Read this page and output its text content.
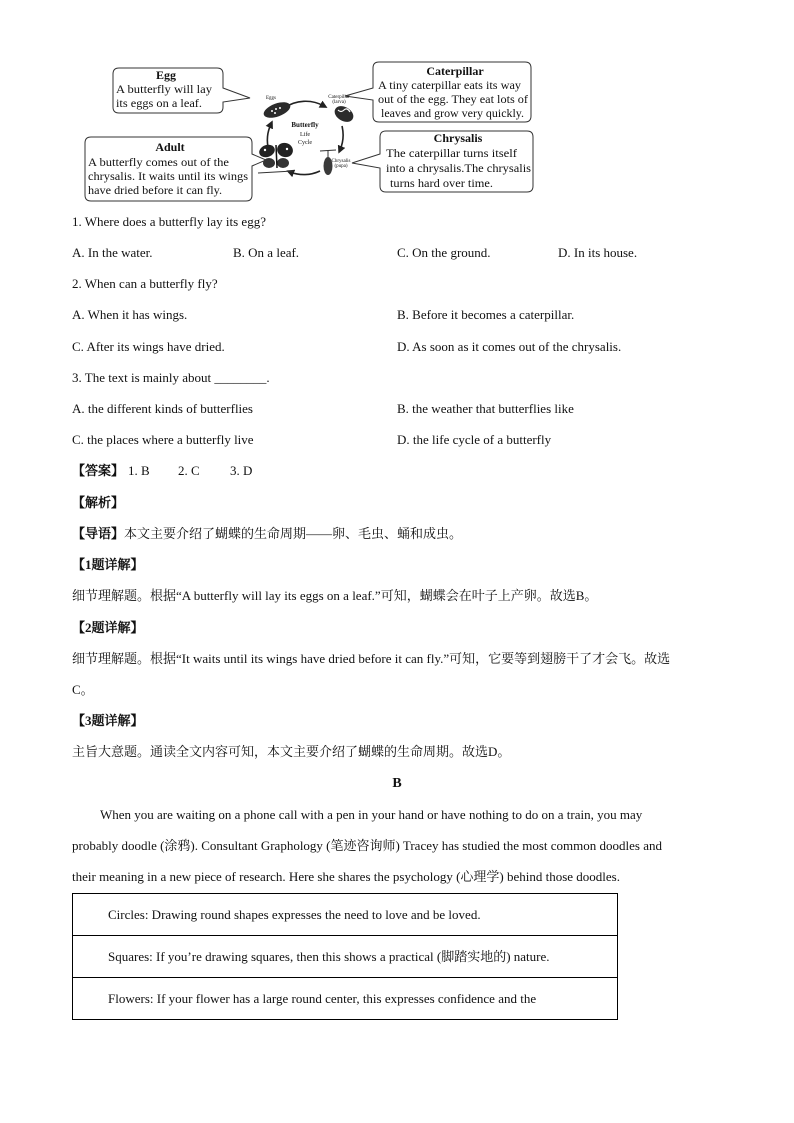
Egg
A butterfly will lay
its eggs on a leaf.
Caterpillar
A tiny caterpillar eats its way
out of the egg. They eat lots of
leaves and grow very quickly.
Chrysalis
The caterpillar turns itself
into a chrysalis.The chrysalis
turns hard over time.
Adult
A butterfly comes out of the
chrysalis. It waits until its wings
have dried before it can fly.
Eggs	Caterpillar
(larva)
Chrysalis
(pupa)
Butterfly
Life
Cycle
1. Where does a butterfly lay its egg?
A. In the water.	B. On a leaf.	C. On the ground.	D. In its house.
2. When can a butterfly fly?
A. When it has wings.	B. Before it becomes a caterpillar.
C. After its wings have dried.	D. As soon as it comes out of the chrysalis.
3. The text is mainly about ________.
A. the different kinds of butterflies	B. the weather that butterflies like
C. the places where a butterfly live	D. the life cycle of a butterfly
【答案】 1. B 2. C 3. D
【解析】
【导语】本文主要介绍了蝴蝶的生命周期——卵、毛虫、蛹和成虫。
【1题详解】
细节理解题。根据“A butterfly will lay its eggs on a leaf.”可知，蝴蝶会在叶子上产卵。故选B。
【2题详解】
细节理解题。根据“It waits until its wings have dried before it can fly.”可知，它要等到翅膀干了才会飞。故选
C。
【3题详解】
主旨大意题。通读全文内容可知，本文主要介绍了蝴蝶的生命周期。故选D。
B
When you are waiting on a phone call with a pen in your hand or have nothing to do on a train, you may
probably doodle (涂鸦). Consultant Graphology (笔迹咨询师) Tracey has studied the most common doodles and
their meaning in a new piece of research. Here she shares the psychology (心理学) behind those doodles.
Circles: Drawing round shapes expresses the need to love and be loved.
Squares: If you’re drawing squares, then this shows a practical (脚踏实地的) nature.
Flowers: If your flower has a large round center, this expresses confidence and the
